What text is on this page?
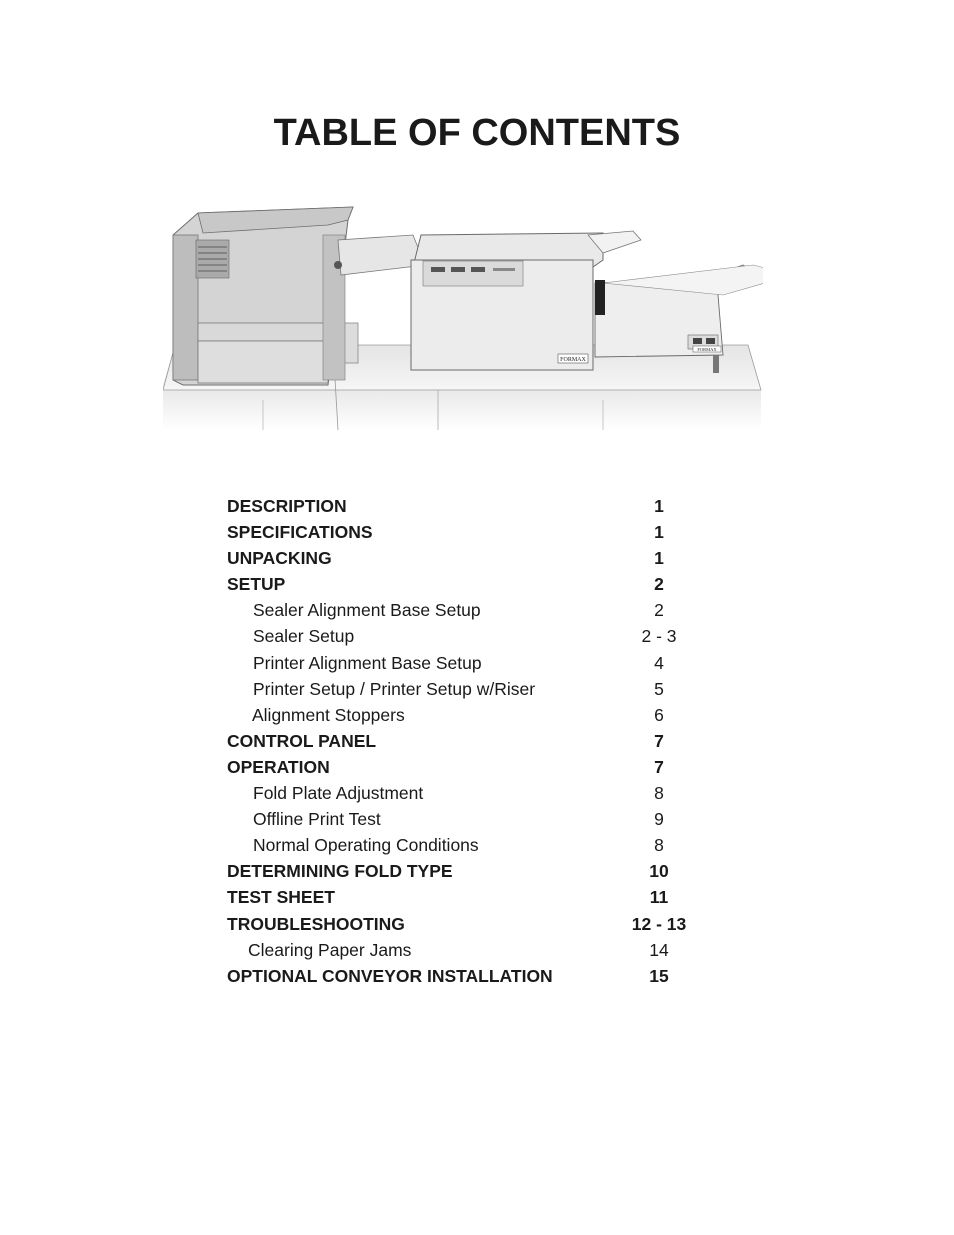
TABLE OF CONTENTS
FORMAX
FORMAX
DESCRIPTION	1
SPECIFICATIONS	1
UNPACKING	1
SETUP	2
Sealer Alignment Base Setup	2
Sealer Setup	2 - 3
Printer Alignment Base Setup	4
Printer Setup / Printer Setup w/Riser	5
Alignment Stoppers	6
CONTROL PANEL	7
OPERATION	7
Fold Plate Adjustment	8
Offline Print Test	9
Normal Operating Conditions	8
DETERMINING FOLD TYPE	10
TEST SHEET	11
TROUBLESHOOTING	12 - 13
Clearing Paper Jams	14
OPTIONAL CONVEYOR INSTALLATION	15
